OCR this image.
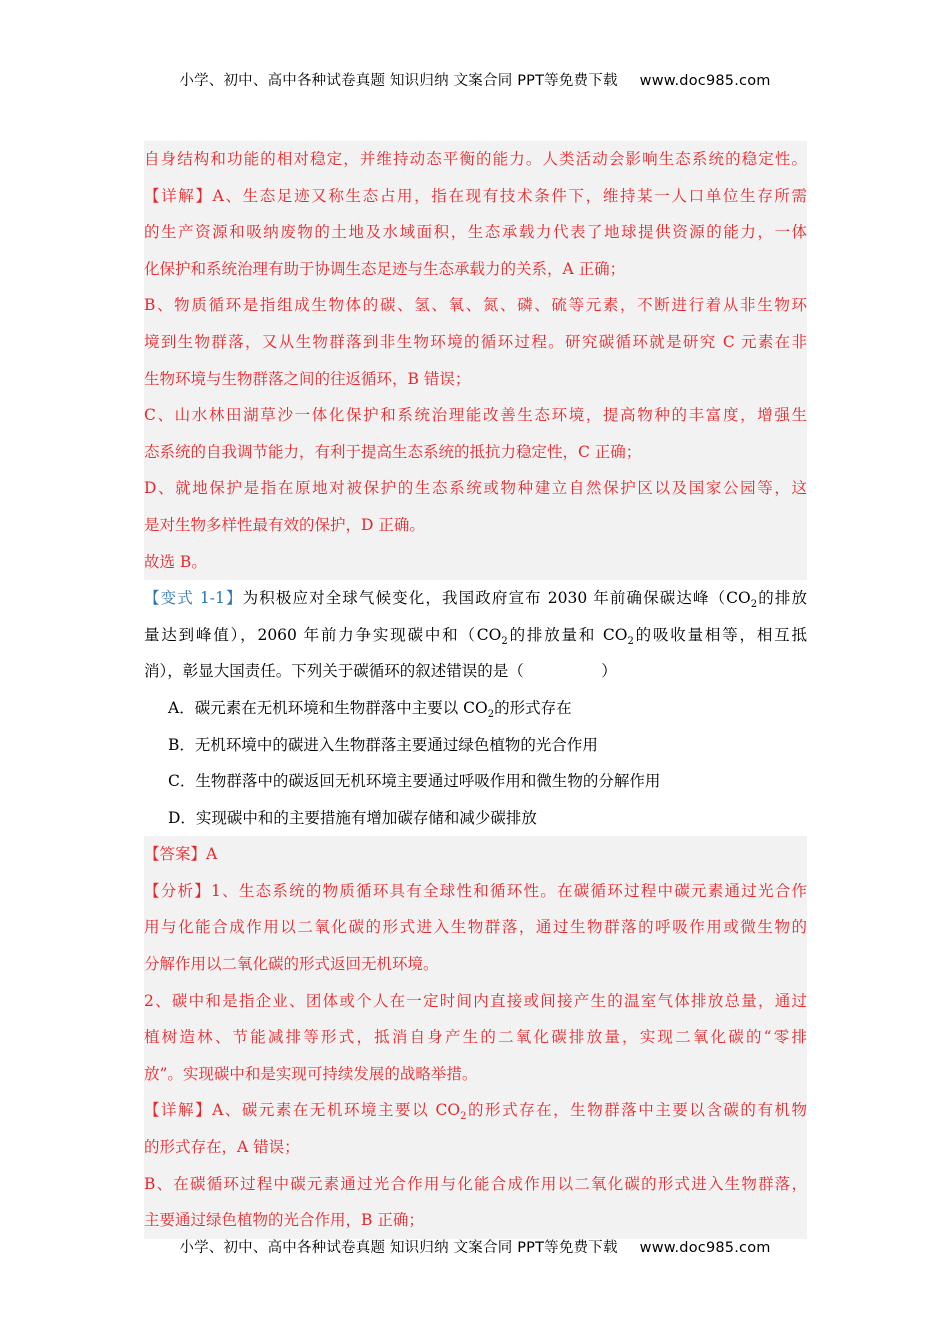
小学、初中、高中各种试卷真题 知识归纳 文案合同 PPT等免费下载 www.doc985.com
自身结构和功能的相对稳定，并维持动态平衡的能力。人类活动会影响生态系统的稳定性。
【详解】A、生态足迹又称生态占用，指在现有技术条件下，维持某一人口单位生存所需
的生产资源和吸纳废物的土地及水域面积，生态承载力代表了地球提供资源的能力，一体
化保护和系统治理有助于协调生态足迹与生态承载力的关系，A 正确；
B、物质循环是指组成生物体的碳、氢、氧、氮、磷、硫等元素，不断进行着从非生物环
境到生物群落，又从生物群落到非生物环境的循环过程。研究碳循环就是研究 C 元素在非
生物环境与生物群落之间的往返循环，B 错误；
C、山水林田湖草沙一体化保护和系统治理能改善生态环境，提高物种的丰富度，增强生
态系统的自我调节能力，有利于提高生态系统的抵抗力稳定性，C 正确；
D、就地保护是指在原地对被保护的生态系统或物种建立自然保护区以及国家公园等，这
是对生物多样性最有效的保护，D 正确。
故选 B。
【变式 1-1】为积极应对全球气候变化，我国政府宣布 2030 年前确保碳达峰（$CO_2$的排放
量达到峰值），2060 年前力争实现碳中和（$CO_2$的排放量和 $CO_2$的吸收量相等，相互抵
消），彰显大国责任。下列关于碳循环的叙述错误的是（　　　　　）
A．碳元素在无机环境和生物群落中主要以 $CO_2$的形式存在
B．无机环境中的碳进入生物群落主要通过绿色植物的光合作用
C．生物群落中的碳返回无机环境主要通过呼吸作用和微生物的分解作用
D．实现碳中和的主要措施有增加碳存储和减少碳排放
【答案】A
【分析】1、生态系统的物质循环具有全球性和循环性。在碳循环过程中碳元素通过光合作
用与化能合成作用以二氧化碳的形式进入生物群落，通过生物群落的呼吸作用或微生物的
分解作用以二氧化碳的形式返回无机环境。
2、碳中和是指企业、团体或个人在一定时间内直接或间接产生的温室气体排放总量，通过
植树造林、节能减排等形式，抵消自身产生的二氧化碳排放量，实现二氧化碳的“零排
放”。实现碳中和是实现可持续发展的战略举措。
【详解】A、碳元素在无机环境主要以 $CO_2$的形式存在，生物群落中主要以含碳的有机物
的形式存在，A 错误；
B、在碳循环过程中碳元素通过光合作用与化能合成作用以二氧化碳的形式进入生物群落，
主要通过绿色植物的光合作用，B 正确；
小学、初中、高中各种试卷真题 知识归纳 文案合同 PPT等免费下载 www.doc985.com
